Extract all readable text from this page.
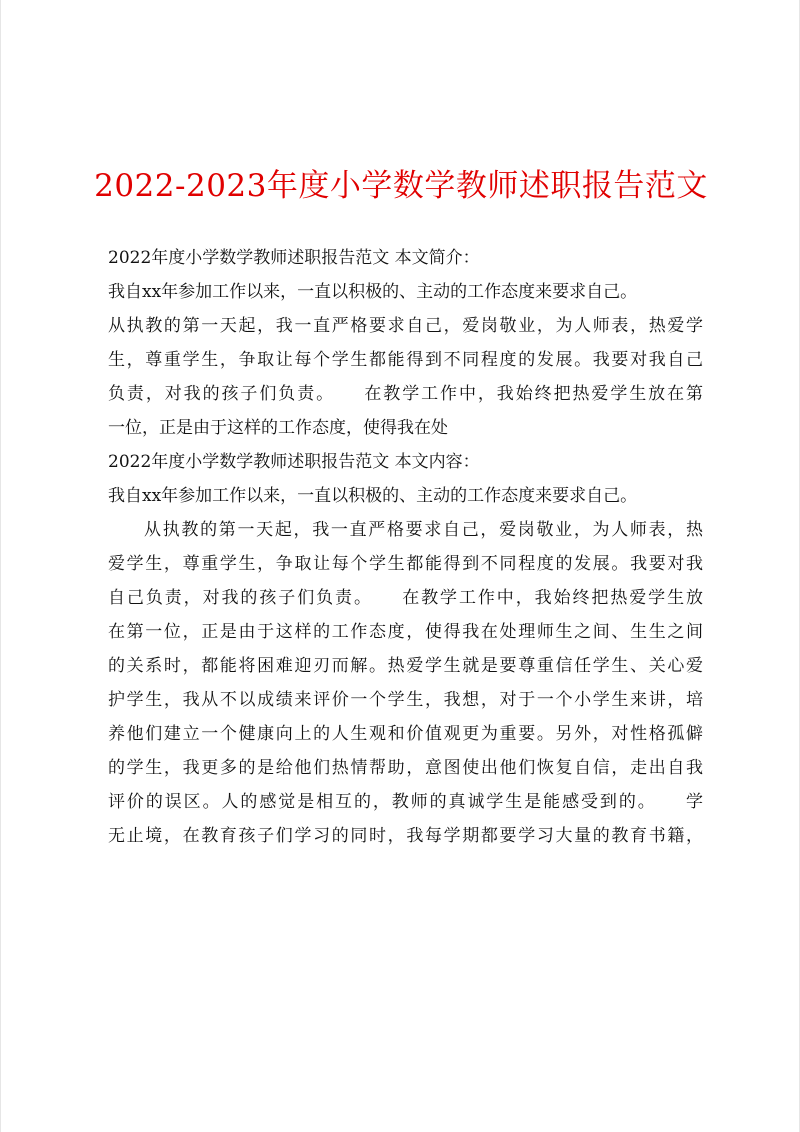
2022-2023年度小学数学教师述职报告范文
2022年度小学数学教师述职报告范文 本文简介：
我自xx年参加工作以来，一直以积极的、主动的工作态度来要求自己。
从执教的第一天起，我一直严格要求自己，爱岗敬业，为人师表，热爱学
生，尊重学生，争取让每个学生都能得到不同程度的发展。我要对我自己
负责，对我的孩子们负责。　　在教学工作中，我始终把热爱学生放在第
一位，正是由于这样的工作态度，使得我在处
2022年度小学数学教师述职报告范文 本文内容：
我自xx年参加工作以来，一直以积极的、主动的工作态度来要求自己。
从执教的第一天起，我一直严格要求自己，爱岗敬业，为人师表，热
爱学生，尊重学生，争取让每个学生都能得到不同程度的发展。我要对我
自己负责，对我的孩子们负责。　　在教学工作中，我始终把热爱学生放
在第一位，正是由于这样的工作态度，使得我在处理师生之间、生生之间
的关系时，都能将困难迎刃而解。热爱学生就是要尊重信任学生、关心爱
护学生，我从不以成绩来评价一个学生，我想，对于一个小学生来讲，培
养他们建立一个健康向上的人生观和价值观更为重要。另外，对性格孤僻
的学生，我更多的是给他们热情帮助，意图使出他们恢复自信，走出自我
评价的误区。人的感觉是相互的，教师的真诚学生是能感受到的。　　学
无止境，在教育孩子们学习的同时，我每学期都要学习大量的教育书籍，
